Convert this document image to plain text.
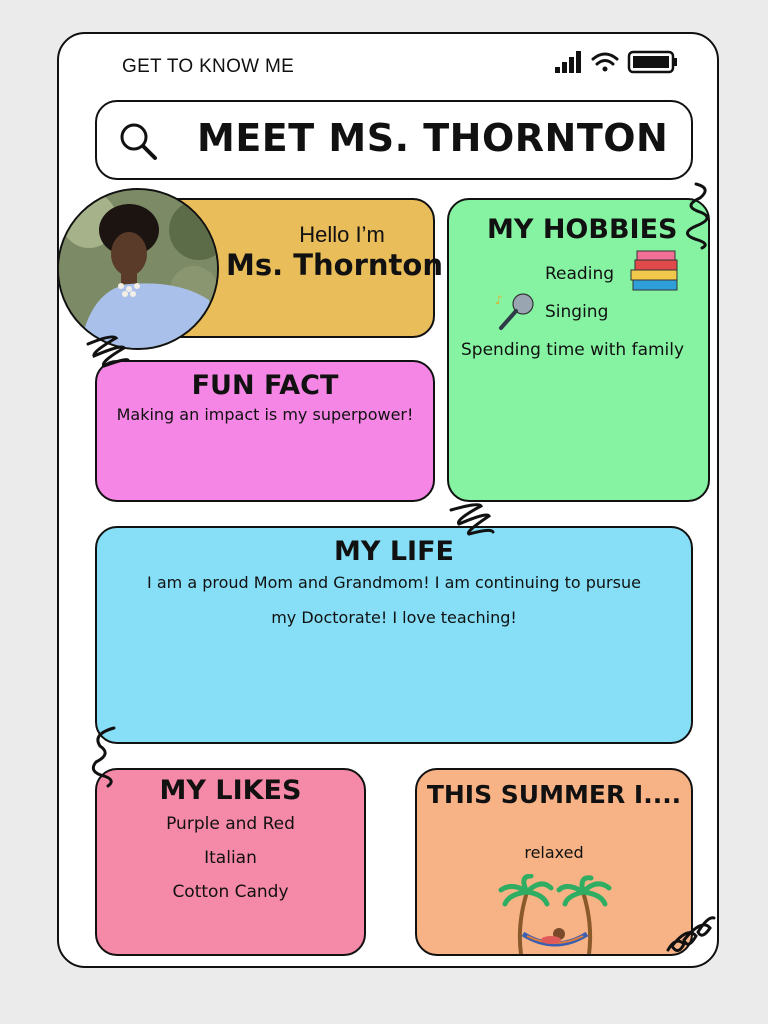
GET TO KNOW ME
MEET MS. THORNTON
Hello I’m
Ms. Thornton
MY HOBBIES
Reading
♪
Singing
Spending time with family
FUN FACT
Making an impact is my superpower!
MY LIFE
I am a proud Mom and Grandmom! I am continuing to pursue
my Doctorate! I love teaching!
MY LIKES
Purple and Red
Italian
Cotton Candy
THIS SUMMER I....
relaxed
